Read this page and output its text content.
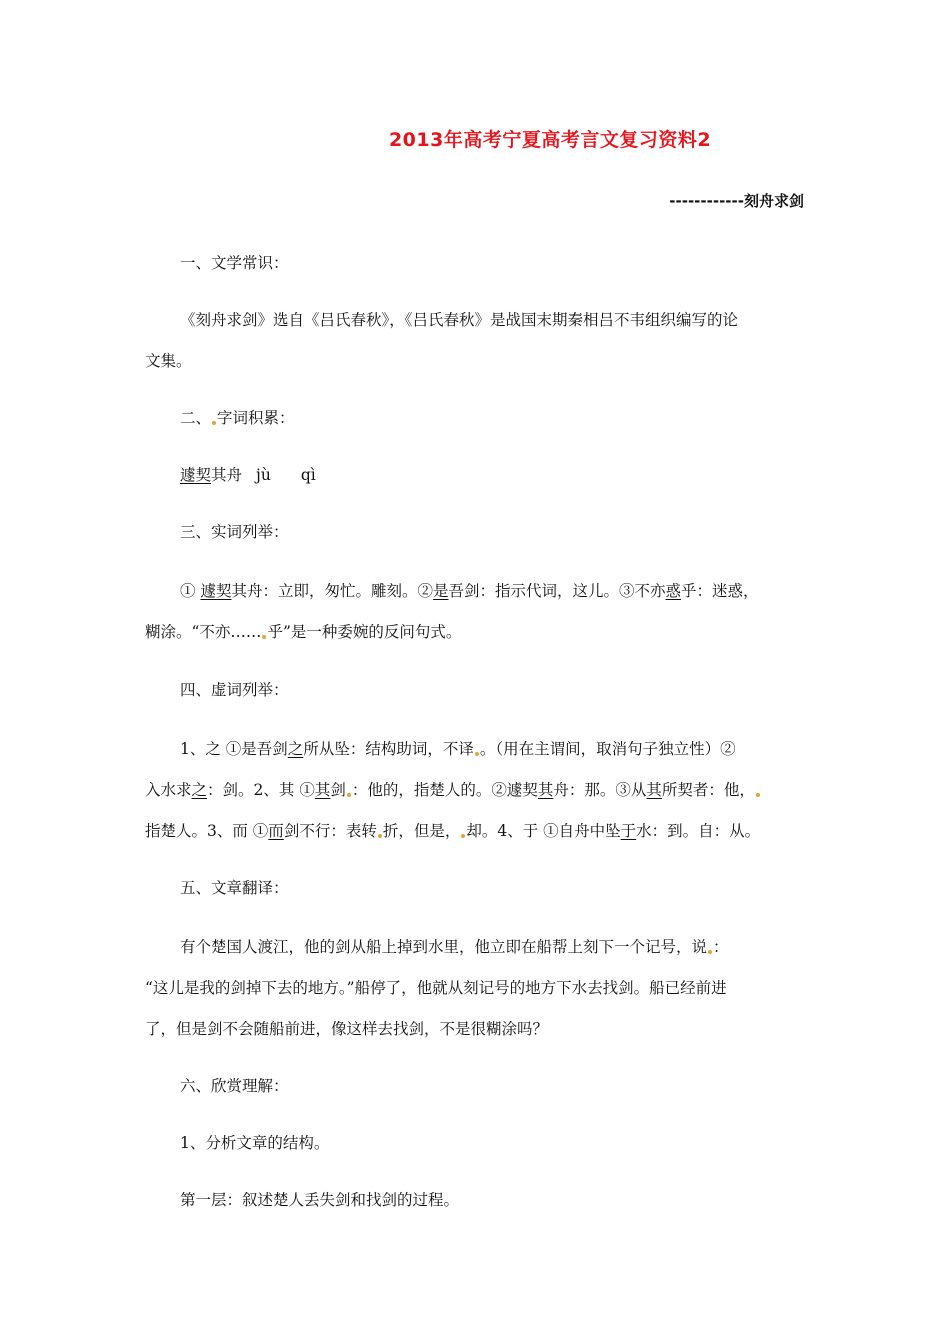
2013年高考宁夏高考言文复习资料2
------------刻舟求剑
一、文学常识：
《刻舟求剑》选自《吕氏春秋》，《吕氏春秋》是战国末期秦相吕不韦组织编写的论
文集。
二、 字词积累：
遽契其舟 jù qì
三、实词列举：
① 遽契其舟：立即，匆忙。雕刻。②是吾剑：指示代词，这儿。③不亦惑乎：迷惑，
糊涂。“不亦…… 乎”是一种委婉的反问句式。
四、虚词列举：
1、之 ①是吾剑之所从坠：结构助词，不译 。（用在主谓间，取消句子独立性）②
入水求之：剑。2、其 ①其剑 ：他的，指楚人的。②遽契其舟：那。③从其所契者：他，
指楚人。3、而 ①而剑不行：表转 折，但是， 却。4、于 ①自舟中坠于水：到。自：从。
五、文章翻译：
有个楚国人渡江，他的剑从船上掉到水里，他立即在船帮上刻下一个记号，说 ：
“这儿是我的剑掉下去的地方。”船停了，他就从刻记号的地方下水去找剑。船已经前进
了，但是剑不会随船前进，像这样去找剑，不是很糊涂吗？
六、欣赏理解：
1、分析文章的结构。
第一层：叙述楚人丢失剑和找剑的过程。
